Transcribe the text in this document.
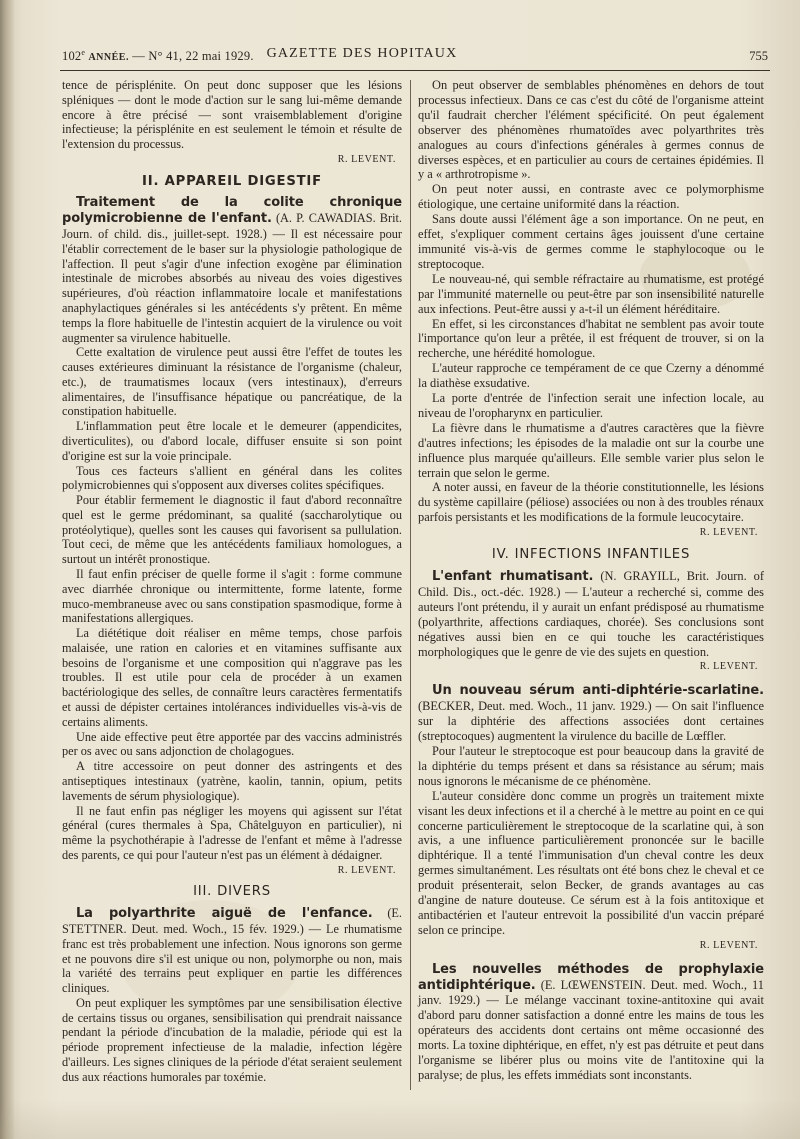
102e ANNÉE. — N° 41, 22 mai 1929. GAZETTE DES HOPITAUX	755

tence de périsplénite. On peut donc supposer que les lésions spléniques — dont le mode d'action sur le sang lui-même demande encore à être précisé — sont vraisemblablement d'origine infectieuse; la périsplénite en est seulement le témoin et résulte de l'extension du processus.

R. LEVENT.
II. APPAREIL DIGESTIF

Traitement de la colite chronique polymicrobienne de l'enfant. (A. P. CAWADIAS. Brit. Journ. of child. dis., juillet-sept. 1928.) — Il est nécessaire pour l'établir correctement de le baser sur la physiologie pathologique de l'affection. Il peut s'agir d'une infection exogène par élimination intestinale de microbes absorbés au niveau des voies digestives supérieures, d'où réaction inflammatoire locale et manifestations anaphylactiques générales si les antécédents s'y prêtent. En même temps la flore habituelle de l'intestin acquiert de la virulence ou voit augmenter sa virulence habituelle.

Cette exaltation de virulence peut aussi être l'effet de toutes les causes extérieures diminuant la résistance de l'organisme (chaleur, etc.), de traumatismes locaux (vers intestinaux), d'erreurs alimentaires, de l'insuffisance hépatique ou pancréatique, de la constipation habituelle.

L'inflammation peut être locale et le demeurer (appendicites, diverticulites), ou d'abord locale, diffuser ensuite si son point d'origine est sur la voie principale.

Tous ces facteurs s'allient en général dans les colites polymicrobiennes qui s'opposent aux diverses colites spécifiques.

Pour établir fermement le diagnostic il faut d'abord reconnaître quel est le germe prédominant, sa qualité (saccharolytique ou protéolytique), quelles sont les causes qui favorisent sa pullulation. Tout ceci, de même que les antécédents familiaux homologues, a surtout un intérêt pronostique.

Il faut enfin préciser de quelle forme il s'agit : forme commune avec diarrhée chronique ou intermittente, forme latente, forme muco-membraneuse avec ou sans constipation spasmodique, forme à manifestations allergiques.

La diététique doit réaliser en même temps, chose parfois malaisée, une ration en calories et en vitamines suffisante aux besoins de l'organisme et une composition qui n'aggrave pas les troubles. Il est utile pour cela de procéder à un examen bactériologique des selles, de connaître leurs caractères fermentatifs et aussi de dépister certaines intolérances individuelles vis-à-vis de certains aliments.

Une aide effective peut être apportée par des vaccins administrés per os avec ou sans adjonction de cholagogues.

A titre accessoire on peut donner des astringents et des antiseptiques intestinaux (yatrène, kaolin, tannin, opium, petits lavements de sérum physiologique).

Il ne faut enfin pas négliger les moyens qui agissent sur l'état général (cures thermales à Spa, Châtelguyon en particulier), ni même la psychothérapie à l'adresse de l'enfant et même à l'adresse des parents, ce qui pour l'auteur n'est pas un élément à dédaigner.

R. LEVENT.
III. DIVERS

La polyarthrite aiguë de l'enfance. (E. STETTNER. Deut. med. Woch., 15 fév. 1929.) — Le rhumatisme franc est très probablement une infection. Nous ignorons son germe et ne pouvons dire s'il est unique ou non, polymorphe ou non, mais la variété des terrains peut expliquer en partie les différences cliniques.

On peut expliquer les symptômes par une sensibilisation élective de certains tissus ou organes, sensibilisation qui prendrait naissance pendant la période d'incubation de la maladie, période qui est la période proprement infectieuse de la maladie, infection légère d'ailleurs. Les signes cliniques de la période d'état seraient seulement dus aux réactions humorales par toxémie.

On peut observer de semblables phénomènes en dehors de tout processus infectieux. Dans ce cas c'est du côté de l'organisme atteint qu'il faudrait chercher l'élément spécificité. On peut également observer des phénomènes rhumatoïdes avec polyarthrites très analogues au cours d'infections générales à germes connus de diverses espèces, et en particulier au cours de certaines épidémies. Il y a « arthrotropisme ».

On peut noter aussi, en contraste avec ce polymorphisme étiologique, une certaine uniformité dans la réaction.

Sans doute aussi l'élément âge a son importance. On ne peut, en effet, s'expliquer comment certains âges jouissent d'une certaine immunité vis-à-vis de germes comme le staphylocoque ou le streptocoque.

Le nouveau-né, qui semble réfractaire au rhumatisme, est protégé par l'immunité maternelle ou peut-être par son insensibilité naturelle aux infections. Peut-être aussi y a-t-il un élément héréditaire.

En effet, si les circonstances d'habitat ne semblent pas avoir toute l'importance qu'on leur a prêtée, il est fréquent de trouver, si on la recherche, une hérédité homologue.

L'auteur rapproche ce tempérament de ce que Czerny a dénommé la diathèse exsudative.

La porte d'entrée de l'infection serait une infection locale, au niveau de l'oropharynx en particulier.

La fièvre dans le rhumatisme a d'autres caractères que la fièvre d'autres infections; les épisodes de la maladie ont sur la courbe une influence plus marquée qu'ailleurs. Elle semble varier plus selon le terrain que selon le germe.

A noter aussi, en faveur de la théorie constitutionnelle, les lésions du système capillaire (péliose) associées ou non à des troubles rénaux parfois persistants et les modifications de la formule leucocytaire.

R. LEVENT.
IV. INFECTIONS INFANTILES

L'enfant rhumatisant. (N. GRAYILL, Brit. Journ. of Child. Dis., oct.-déc. 1928.) — L'auteur a recherché si, comme des auteurs l'ont prétendu, il y aurait un enfant prédisposé au rhumatisme (polyarthrite, affections cardiaques, chorée). Ses conclusions sont négatives aussi bien en ce qui touche les caractéristiques morphologiques que le genre de vie des sujets en question.

R. LEVENT.

Un nouveau sérum anti-diphtérie-scarlatine. (BECKER, Deut. med. Woch., 11 janv. 1929.) — On sait l'influence sur la diphtérie des affections associées dont certaines (streptocoques) augmentent la virulence du bacille de Lœffler.

Pour l'auteur le streptocoque est pour beaucoup dans la gravité de la diphtérie du temps présent et dans sa résistance au sérum; mais nous ignorons le mécanisme de ce phénomène.

L'auteur considère donc comme un progrès un traitement mixte visant les deux infections et il a cherché à le mettre au point en ce qui concerne particulièrement le streptocoque de la scarlatine qui, à son avis, a une influence particulièrement prononcée sur le bacille diphtérique. Il a tenté l'immunisation d'un cheval contre les deux germes simultanément. Les résultats ont été bons chez le cheval et ce produit présenterait, selon Becker, de grands avantages au cas d'angine de nature douteuse. Ce sérum est à la fois antitoxique et antibactérien et l'auteur entrevoit la possibilité d'un vaccin préparé selon ce principe.

R. LEVENT.

Les nouvelles méthodes de prophylaxie antidiphtérique. (E. LŒWENSTEIN. Deut. med. Woch., 11 janv. 1929.) — Le mélange vaccinant toxine-antitoxine qui avait d'abord paru donner satisfaction a donné entre les mains de tous les opérateurs des accidents dont certains ont même occasionné des morts. La toxine diphtérique, en effet, n'y est pas détruite et peut dans l'organisme se libérer plus ou moins vite de l'antitoxine qui la paralyse; de plus, les effets immédiats sont inconstants.
